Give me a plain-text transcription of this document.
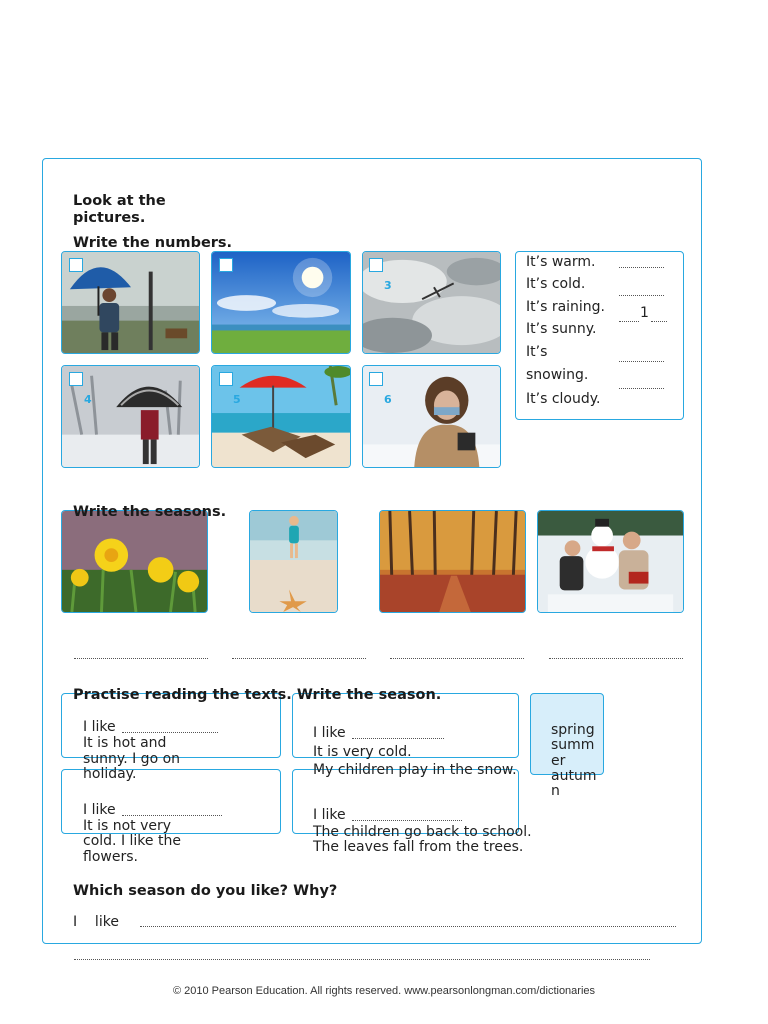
Look at the
pictures.
Write the numbers.
3
4	5	6
It’s warm.
It’s cold.
It’s raining.
It’s sunny.
It’s
snowing.
It’s cloudy.
1
Write the seasons.
Practise reading the texts. Write the season.
I like
It is hot and
sunny. I go on
holiday.
I like
It is very cold.
My children play in the snow.
I like
It is not very
cold. I like the
flowers.
I like
The children go back to school.
The leaves fall from the trees.
spring
summ
er
autum
n
Which season do you like? Why?
I    like
© 2010 Pearson Education. All rights reserved. www.pearsonlongman.com/dictionaries
